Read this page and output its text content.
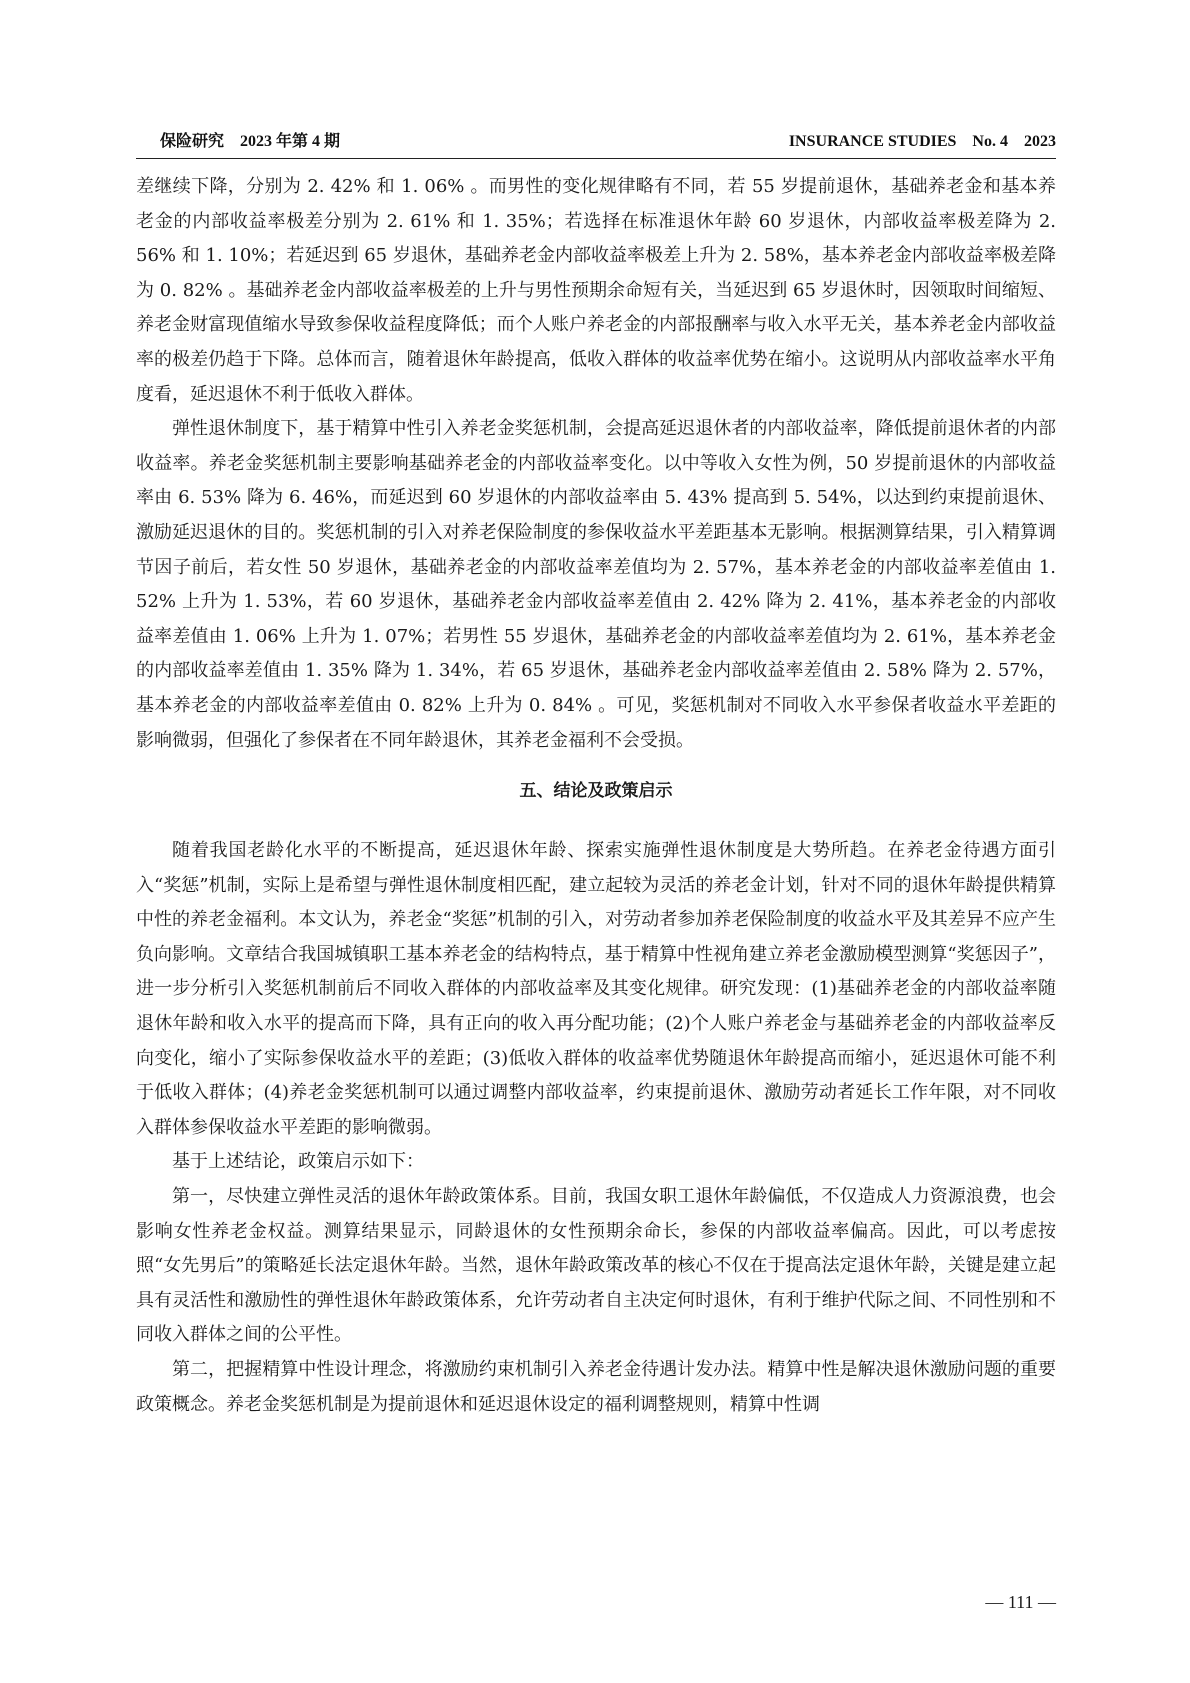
保险研究　2023 年第 4 期	INSURANCE STUDIES　No. 4　2023

差继续下降，分别为 2. 42% 和 1. 06% 。而男性的变化规律略有不同，若 55 岁提前退休，基础养老金和基本养老金的内部收益率极差分别为 2. 61% 和 1. 35%；若选择在标准退休年龄 60 岁退休，内部收益率极差降为 2. 56% 和 1. 10%；若延迟到 65 岁退休，基础养老金内部收益率极差上升为 2. 58%，基本养老金内部收益率极差降为 0. 82% 。基础养老金内部收益率极差的上升与男性预期余命短有关，当延迟到 65 岁退休时，因领取时间缩短、养老金财富现值缩水导致参保收益程度降低；而个人账户养老金的内部报酬率与收入水平无关，基本养老金内部收益率的极差仍趋于下降。总体而言，随着退休年龄提高，低收入群体的收益率优势在缩小。这说明从内部收益率水平角度看，延迟退休不利于低收入群体。

弹性退休制度下，基于精算中性引入养老金奖惩机制，会提高延迟退休者的内部收益率，降低提前退休者的内部收益率。养老金奖惩机制主要影响基础养老金的内部收益率变化。以中等收入女性为例，50 岁提前退休的内部收益率由 6. 53% 降为 6. 46%，而延迟到 60 岁退休的内部收益率由 5. 43% 提高到 5. 54%，以达到约束提前退休、激励延迟退休的目的。奖惩机制的引入对养老保险制度的参保收益水平差距基本无影响。根据测算结果，引入精算调节因子前后，若女性 50 岁退休，基础养老金的内部收益率差值均为 2. 57%，基本养老金的内部收益率差值由 1. 52% 上升为 1. 53%，若 60 岁退休，基础养老金内部收益率差值由 2. 42% 降为 2. 41%，基本养老金的内部收益率差值由 1. 06% 上升为 1. 07%；若男性 55 岁退休，基础养老金的内部收益率差值均为 2. 61%，基本养老金的内部收益率差值由 1. 35% 降为 1. 34%，若 65 岁退休，基础养老金内部收益率差值由 2. 58% 降为 2. 57%，基本养老金的内部收益率差值由 0. 82% 上升为 0. 84% 。可见，奖惩机制对不同收入水平参保者收益水平差距的影响微弱，但强化了参保者在不同年龄退休，其养老金福利不会受损。

五、结论及政策启示

随着我国老龄化水平的不断提高，延迟退休年龄、探索实施弹性退休制度是大势所趋。在养老金待遇方面引入“奖惩”机制，实际上是希望与弹性退休制度相匹配，建立起较为灵活的养老金计划，针对不同的退休年龄提供精算中性的养老金福利。本文认为，养老金“奖惩”机制的引入，对劳动者参加养老保险制度的收益水平及其差异不应产生负向影响。文章结合我国城镇职工基本养老金的结构特点，基于精算中性视角建立养老金激励模型测算“奖惩因子”，进一步分析引入奖惩机制前后不同收入群体的内部收益率及其变化规律。研究发现：(1)基础养老金的内部收益率随退休年龄和收入水平的提高而下降，具有正向的收入再分配功能；(2)个人账户养老金与基础养老金的内部收益率反向变化，缩小了实际参保收益水平的差距；(3)低收入群体的收益率优势随退休年龄提高而缩小，延迟退休可能不利于低收入群体；(4)养老金奖惩机制可以通过调整内部收益率，约束提前退休、激励劳动者延长工作年限，对不同收入群体参保收益水平差距的影响微弱。

基于上述结论，政策启示如下：

第一，尽快建立弹性灵活的退休年龄政策体系。目前，我国女职工退休年龄偏低，不仅造成人力资源浪费，也会影响女性养老金权益。测算结果显示，同龄退休的女性预期余命长，参保的内部收益率偏高。因此，可以考虑按照“女先男后”的策略延长法定退休年龄。当然，退休年龄政策改革的核心不仅在于提高法定退休年龄，关键是建立起具有灵活性和激励性的弹性退休年龄政策体系，允许劳动者自主决定何时退休，有利于维护代际之间、不同性别和不同收入群体之间的公平性。

第二，把握精算中性设计理念，将激励约束机制引入养老金待遇计发办法。精算中性是解决退休激励问题的重要政策概念。养老金奖惩机制是为提前退休和延迟退休设定的福利调整规则，精算中性调

— 111 —
